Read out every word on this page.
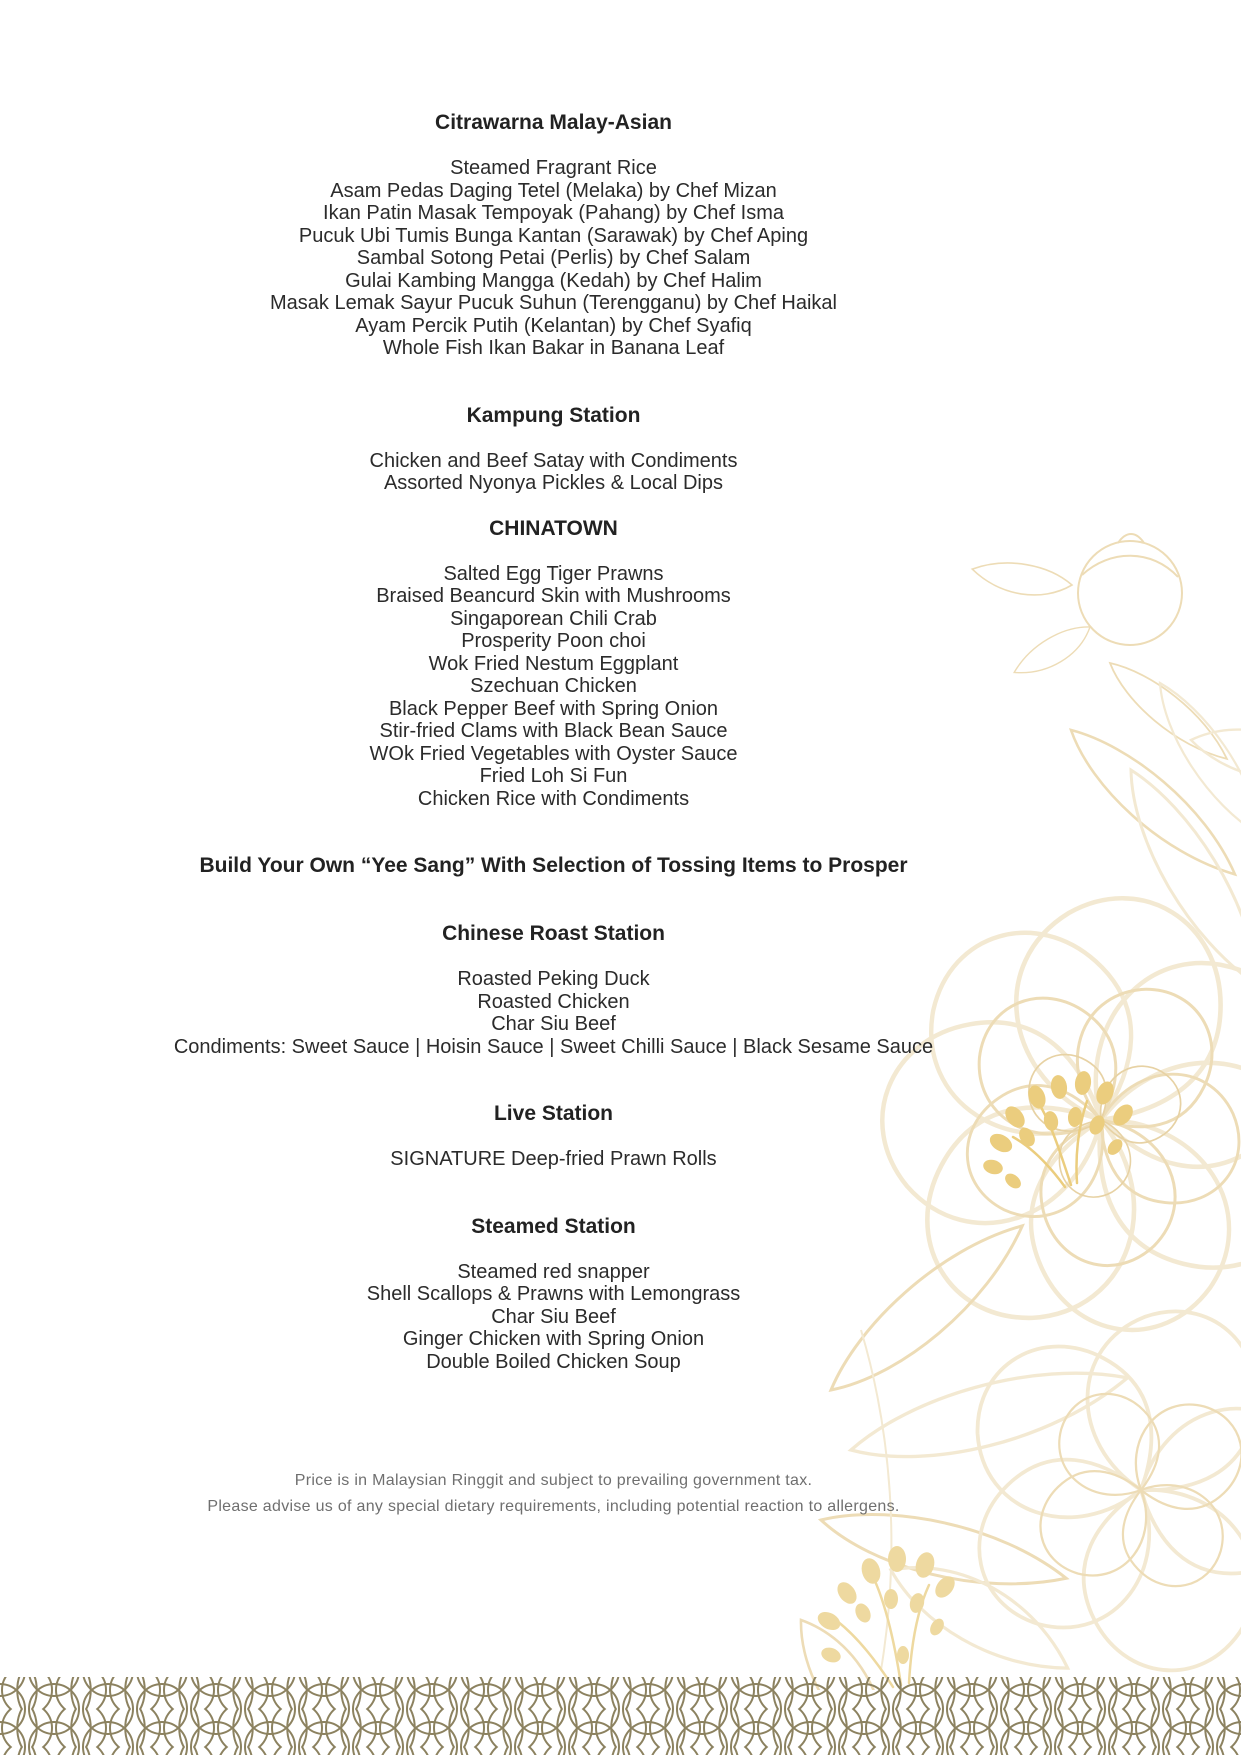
Citrawarna Malay-Asian
Steamed Fragrant Rice
Asam Pedas Daging Tetel (Melaka) by Chef Mizan
Ikan Patin Masak Tempoyak (Pahang) by Chef Isma
Pucuk Ubi Tumis Bunga Kantan (Sarawak) by Chef Aping
Sambal Sotong Petai (Perlis) by Chef Salam
Gulai Kambing Mangga (Kedah) by Chef Halim
Masak Lemak Sayur Pucuk Suhun (Terengganu) by Chef Haikal
Ayam Percik Putih (Kelantan) by Chef Syafiq
Whole Fish Ikan Bakar in Banana Leaf
Kampung Station
Chicken and Beef Satay with Condiments
Assorted Nyonya Pickles & Local Dips
CHINATOWN
Salted Egg Tiger Prawns
Braised Beancurd Skin with Mushrooms
Singaporean Chili Crab
Prosperity Poon choi
Wok Fried Nestum Eggplant
Szechuan Chicken
Black Pepper Beef with Spring Onion
Stir-fried Clams with Black Bean Sauce
WOk Fried Vegetables with Oyster Sauce
Fried Loh Si Fun
Chicken Rice with Condiments
Build Your Own “Yee Sang” With Selection of Tossing Items to Prosper
Chinese Roast Station
Roasted Peking Duck
Roasted Chicken
Char Siu Beef
Condiments: Sweet Sauce | Hoisin Sauce | Sweet Chilli Sauce | Black Sesame Sauce
Live Station
SIGNATURE Deep-fried Prawn Rolls
Steamed Station
Steamed red snapper
Shell Scallops & Prawns with Lemongrass
Char Siu Beef
Ginger Chicken with Spring Onion
Double Boiled Chicken Soup
Price is in Malaysian Ringgit and subject to prevailing government tax.
Please advise us of any special dietary requirements, including potential reaction to allergens.
